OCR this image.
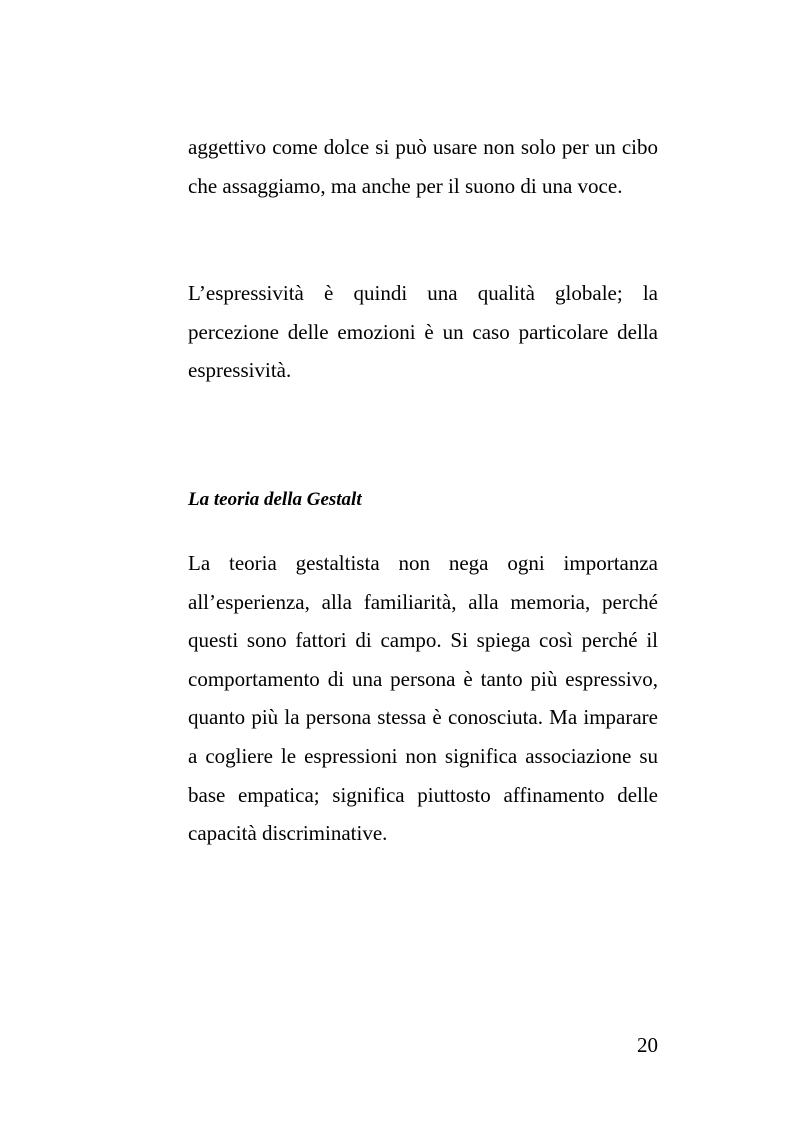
aggettivo come dolce si può usare non solo per un cibo che assaggiamo, ma anche per il suono di una voce.

L’espressività è quindi una qualità globale; la percezione delle emozioni è un caso particolare della espressività.

La teoria della Gestalt

La teoria gestaltista non nega ogni importanza all’esperienza, alla familiarità, alla memoria, perché questi sono fattori di campo. Si spiega così perché il comportamento di una persona è tanto più espressivo, quanto più la persona stessa è conosciuta. Ma imparare a cogliere le espressioni non significa associazione su base empatica; significa piuttosto affinamento delle capacità discriminative.

20
